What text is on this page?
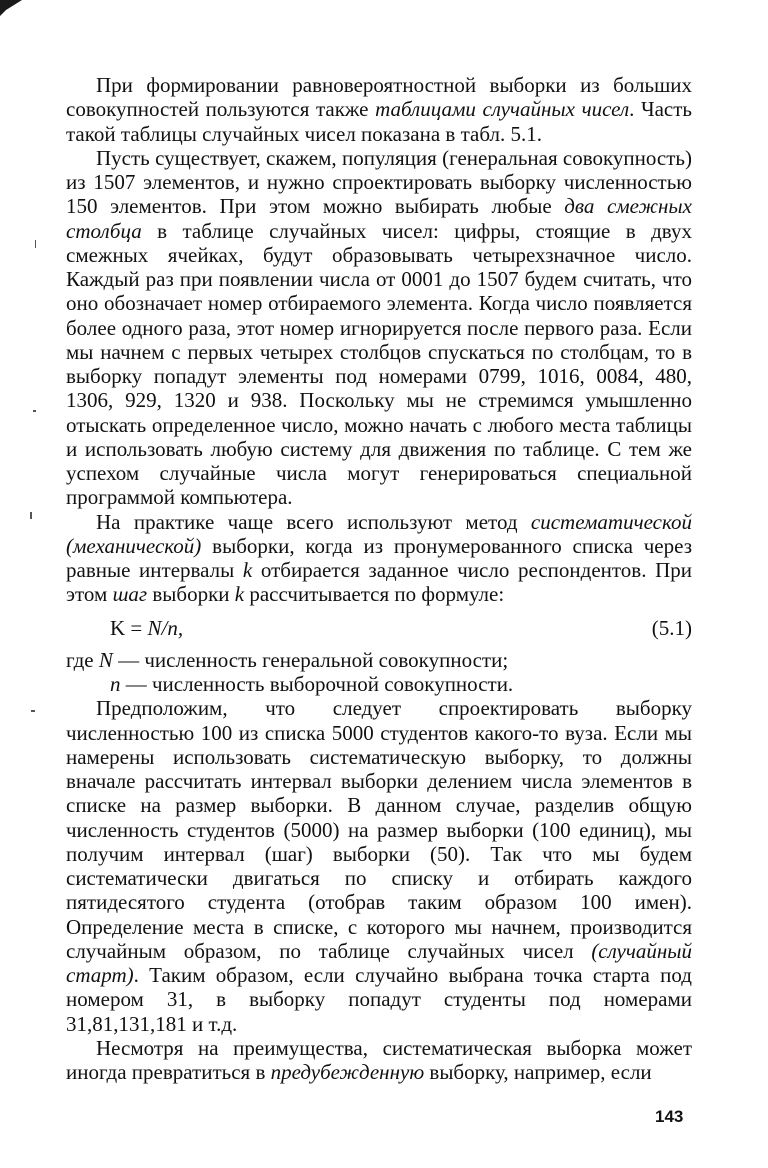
При формировании равновероятностной выборки из больших совокупностей пользуются также таблицами случайных чисел. Часть такой таблицы случайных чисел показана в табл. 5.1.

Пусть существует, скажем, популяция (генеральная совокупность) из 1507 элементов, и нужно спроектировать выборку численностью 150 элементов. При этом можно выбирать любые два смежных столбца в таблице случайных чисел: цифры, стоящие в двух смежных ячейках, будут образовывать четырехзначное число. Каждый раз при появлении числа от 0001 до 1507 будем считать, что оно обозначает номер отбираемого элемента. Когда число появляется более одного раза, этот номер игнорируется после первого раза. Если мы начнем с первых четырех столбцов спускаться по столбцам, то в выборку попадут элементы под номерами 0799, 1016, 0084, 480, 1306, 929, 1320 и 938. Поскольку мы не стремимся умышленно отыскать определенное число, можно начать с любого места таблицы и использовать любую систему для движения по таблице. С тем же успехом случайные числа могут генерироваться специальной программой компьютера.

На практике чаще всего используют метод систематической (механической) выборки, когда из пронумерованного списка через равные интервалы k отбирается заданное число респондентов. При этом шаг выборки k рассчитывается по формуле:

K = N/n,	(5.1)

где N — численность генеральной совокупности;

n — численность выборочной совокупности.

Предположим, что следует спроектировать выборку численностью 100 из списка 5000 студентов какого-то вуза. Если мы намерены использовать систематическую выборку, то должны вначале рассчитать интервал выборки делением числа элементов в списке на размер выборки. В данном случае, разделив общую численность студентов (5000) на размер выборки (100 единиц), мы получим интервал (шаг) выборки (50). Так что мы будем систематически двигаться по списку и отбирать каждого пятидесятого студента (отобрав таким образом 100 имен). Определение места в списке, с которого мы начнем, производится случайным образом, по таблице случайных чисел (случайный старт). Таким образом, если случайно выбрана точка старта под номером 31, в выборку попадут студенты под номерами 31,81,131,181 и т.д.

Несмотря на преимущества, систематическая выборка может иногда превратиться в предубежденную выборку, например, если

143
